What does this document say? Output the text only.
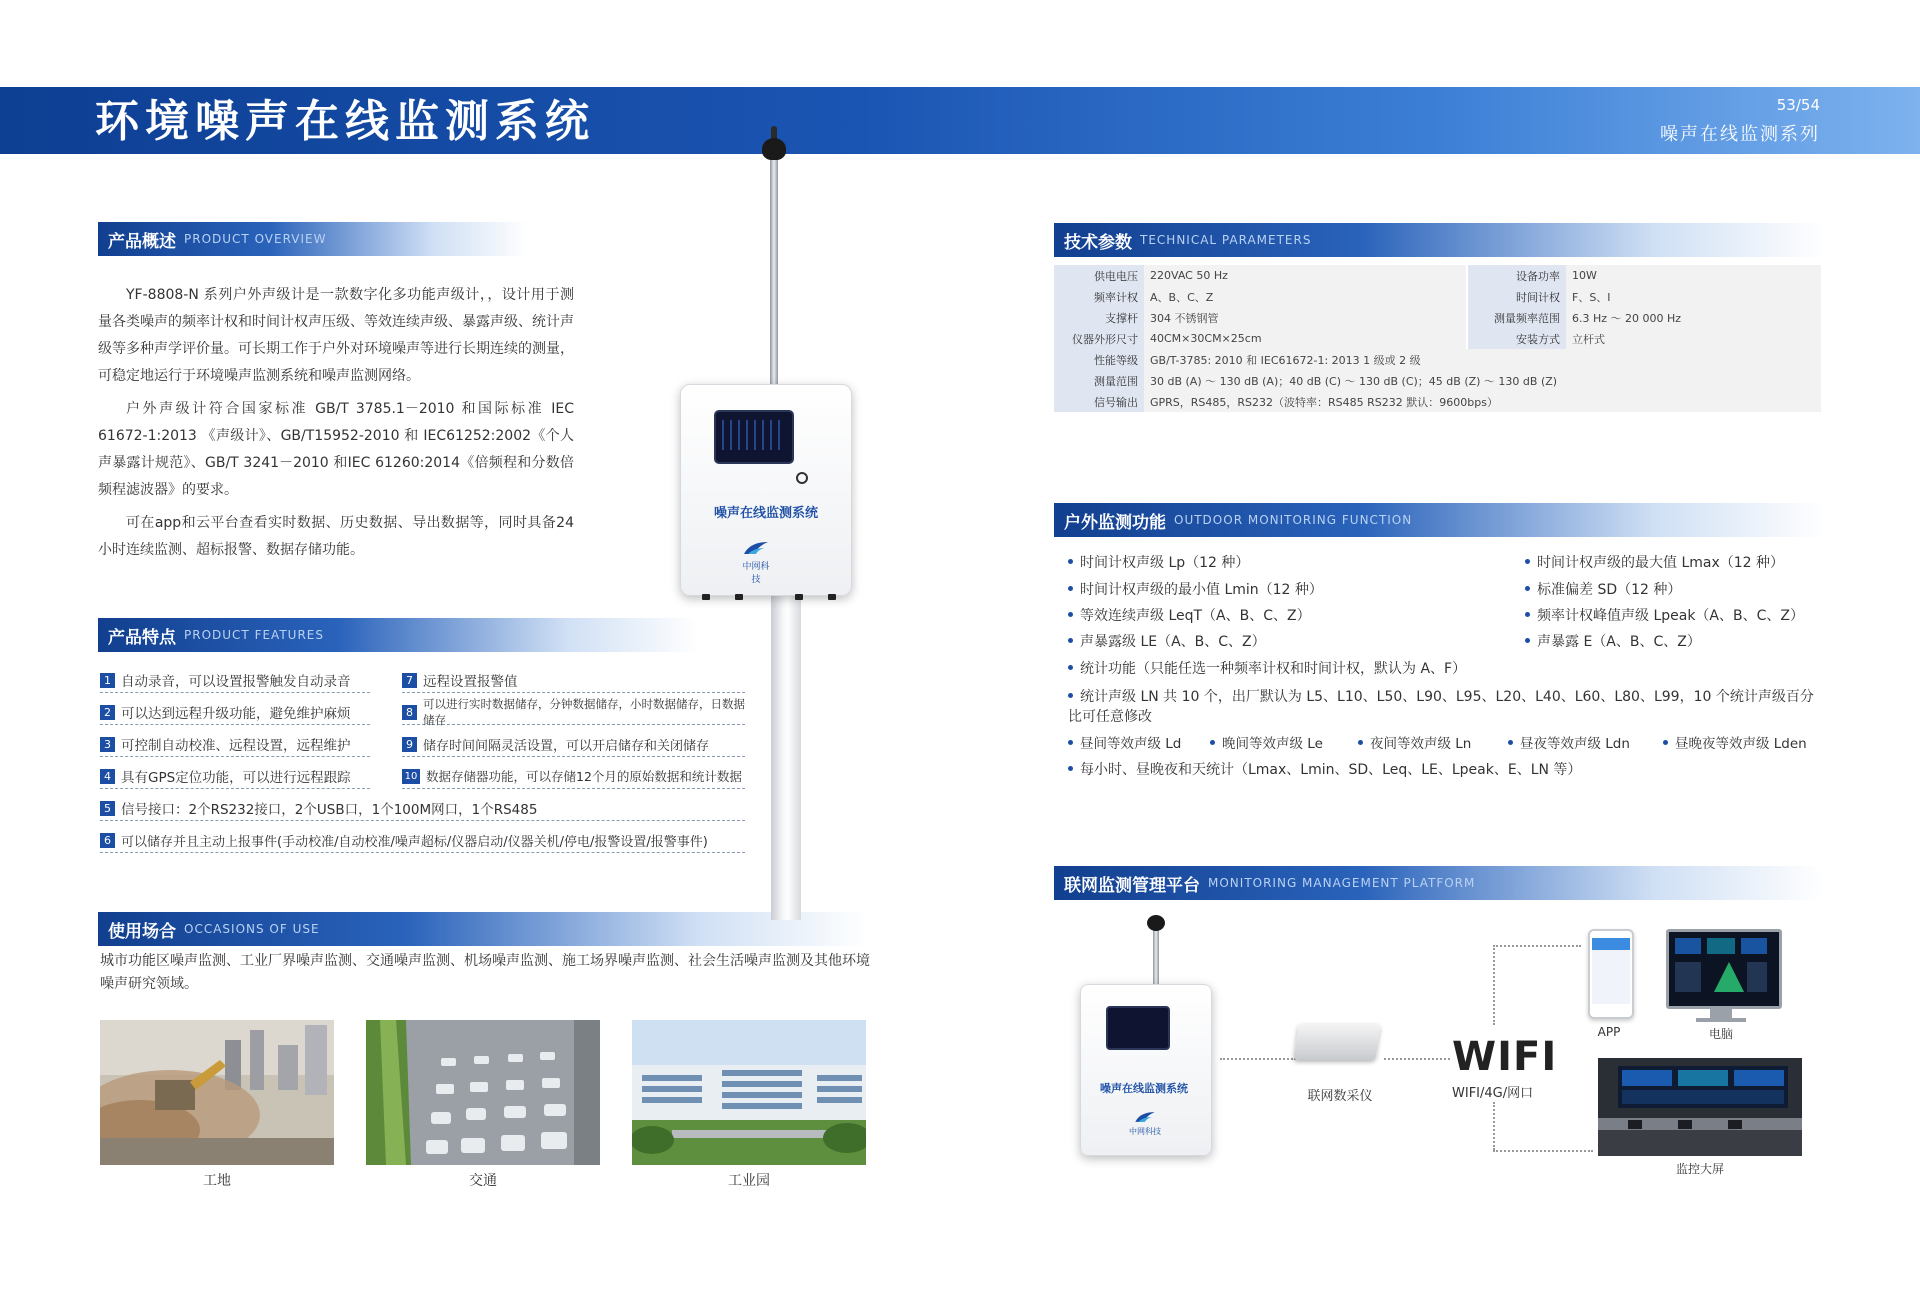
环境噪声在线监测系统	53/54
噪声在线监测系列
产品概述 PRODUCT OVERVIEW

YF-8808-N 系列户外声级计是一款数字化多功能声级计，，设计用于测量各类噪声的频率计权和时间计权声压级、等效连续声级、暴露声级、统计声级等多种声学评价量。可长期工作于户外对环境噪声等进行长期连续的测量，可稳定地运行于环境噪声监测系统和噪声监测网络。

户外声级计符合国家标准 GB/T 3785.1－2010 和国际标准 IEC 61672-1:2013 《声级计》、GB/T15952-2010 和 IEC61252:2002《个人声暴露计规范》、GB/T 3241－2010 和IEC 61260:2014《倍频程和分数倍频程滤波器》的要求。

可在app和云平台查看实时数据、历史数据、导出数据等，同时具备24小时连续监测、超标报警、数据存储功能。

产品特点 PRODUCT FEATURES
1 自动录音，可以设置报警触发自动录音
2 可以达到远程升级功能，避免维护麻烦
3 可控制自动校准、远程设置，远程维护
4 具有GPS定位功能，可以进行远程跟踪
5 信号接口：2个RS232接口，2个USB口，1个100M网口，1个RS485
6 可以储存并且主动上报事件(手动校准/自动校准/噪声超标/仪器启动/仪器关机/停电/报警设置/报警事件)
7 远程设置报警值
8
可以进行实时数据储存，分钟数据储存，小时数据储存，日数据储存
9 储存时间间隔灵活设置，可以开启储存和关闭储存
10 数据存储器功能，可以存储12个月的原始数据和统计数据
使用场合 OCCASIONS OF USE
城市功能区噪声监测、工业厂界噪声监测、交通噪声监测、机场噪声监测、施工场界噪声监测、社会生活噪声监测及其他环境噪声研究领域。
工地	交通	工业园
噪声在线监测系统
中网科技
技术参数 TECHNICAL PARAMETERS
供电电压	220VAC 50 Hz		设备功率	10W
频率计权	A、B、C、Z		时间计权	F、S、I
支撑杆	304 不锈钢管		测量频率范围	6.3 Hz ～ 20 000 Hz
仪器外形尺寸	40CM×30CM×25cm		安装方式	立杆式
性能等级	GB/T-3785: 2010 和 IEC61672-1: 2013 1 级或 2 级			
测量范围	30 dB (A) ～ 130 dB (A)；40 dB (C) ～ 130 dB (C)；45 dB (Z) ～ 130 dB (Z)			
信号输出	GPRS，RS485，RS232（波特率：RS485 RS232 默认：9600bps）			
户外监测功能 OUTDOOR MONITORING FUNCTION
时间计权声级 Lp（12 种）
时间计权声级的最小值 Lmin（12 种）
等效连续声级 LeqT（A、B、C、Z）
声暴露级 LE（A、B、C、Z）
时间计权声级的最大值 Lmax（12 种）
标准偏差 SD（12 种）
频率计权峰值声级 Lpeak（A、B、C、Z）
声暴露 E（A、B、C、Z）
统计功能（只能任选一种频率计权和时间计权，默认为 A、F）
统计声级 LN 共 10 个，出厂默认为 L5、L10、L50、L90、L95、L20、L40、L60、L80、L99，10 个统计声级百分比可任意修改
昼间等效声级 Ld	晚间等效声级 Le	夜间等效声级 Ln	昼夜等效声级 Ldn	昼晚夜等效声级 Lden
每小时、昼晚夜和天统计（Lmax、Lmin、SD、Leq、LE、Lpeak、E、LN 等）
联网监测管理平台 MONITORING MANAGEMENT PLATFORM
噪声在线监测系统
中网科技
联网数采仪
WIFI
WIFI/4G/网口
APP	电脑
监控大屏
